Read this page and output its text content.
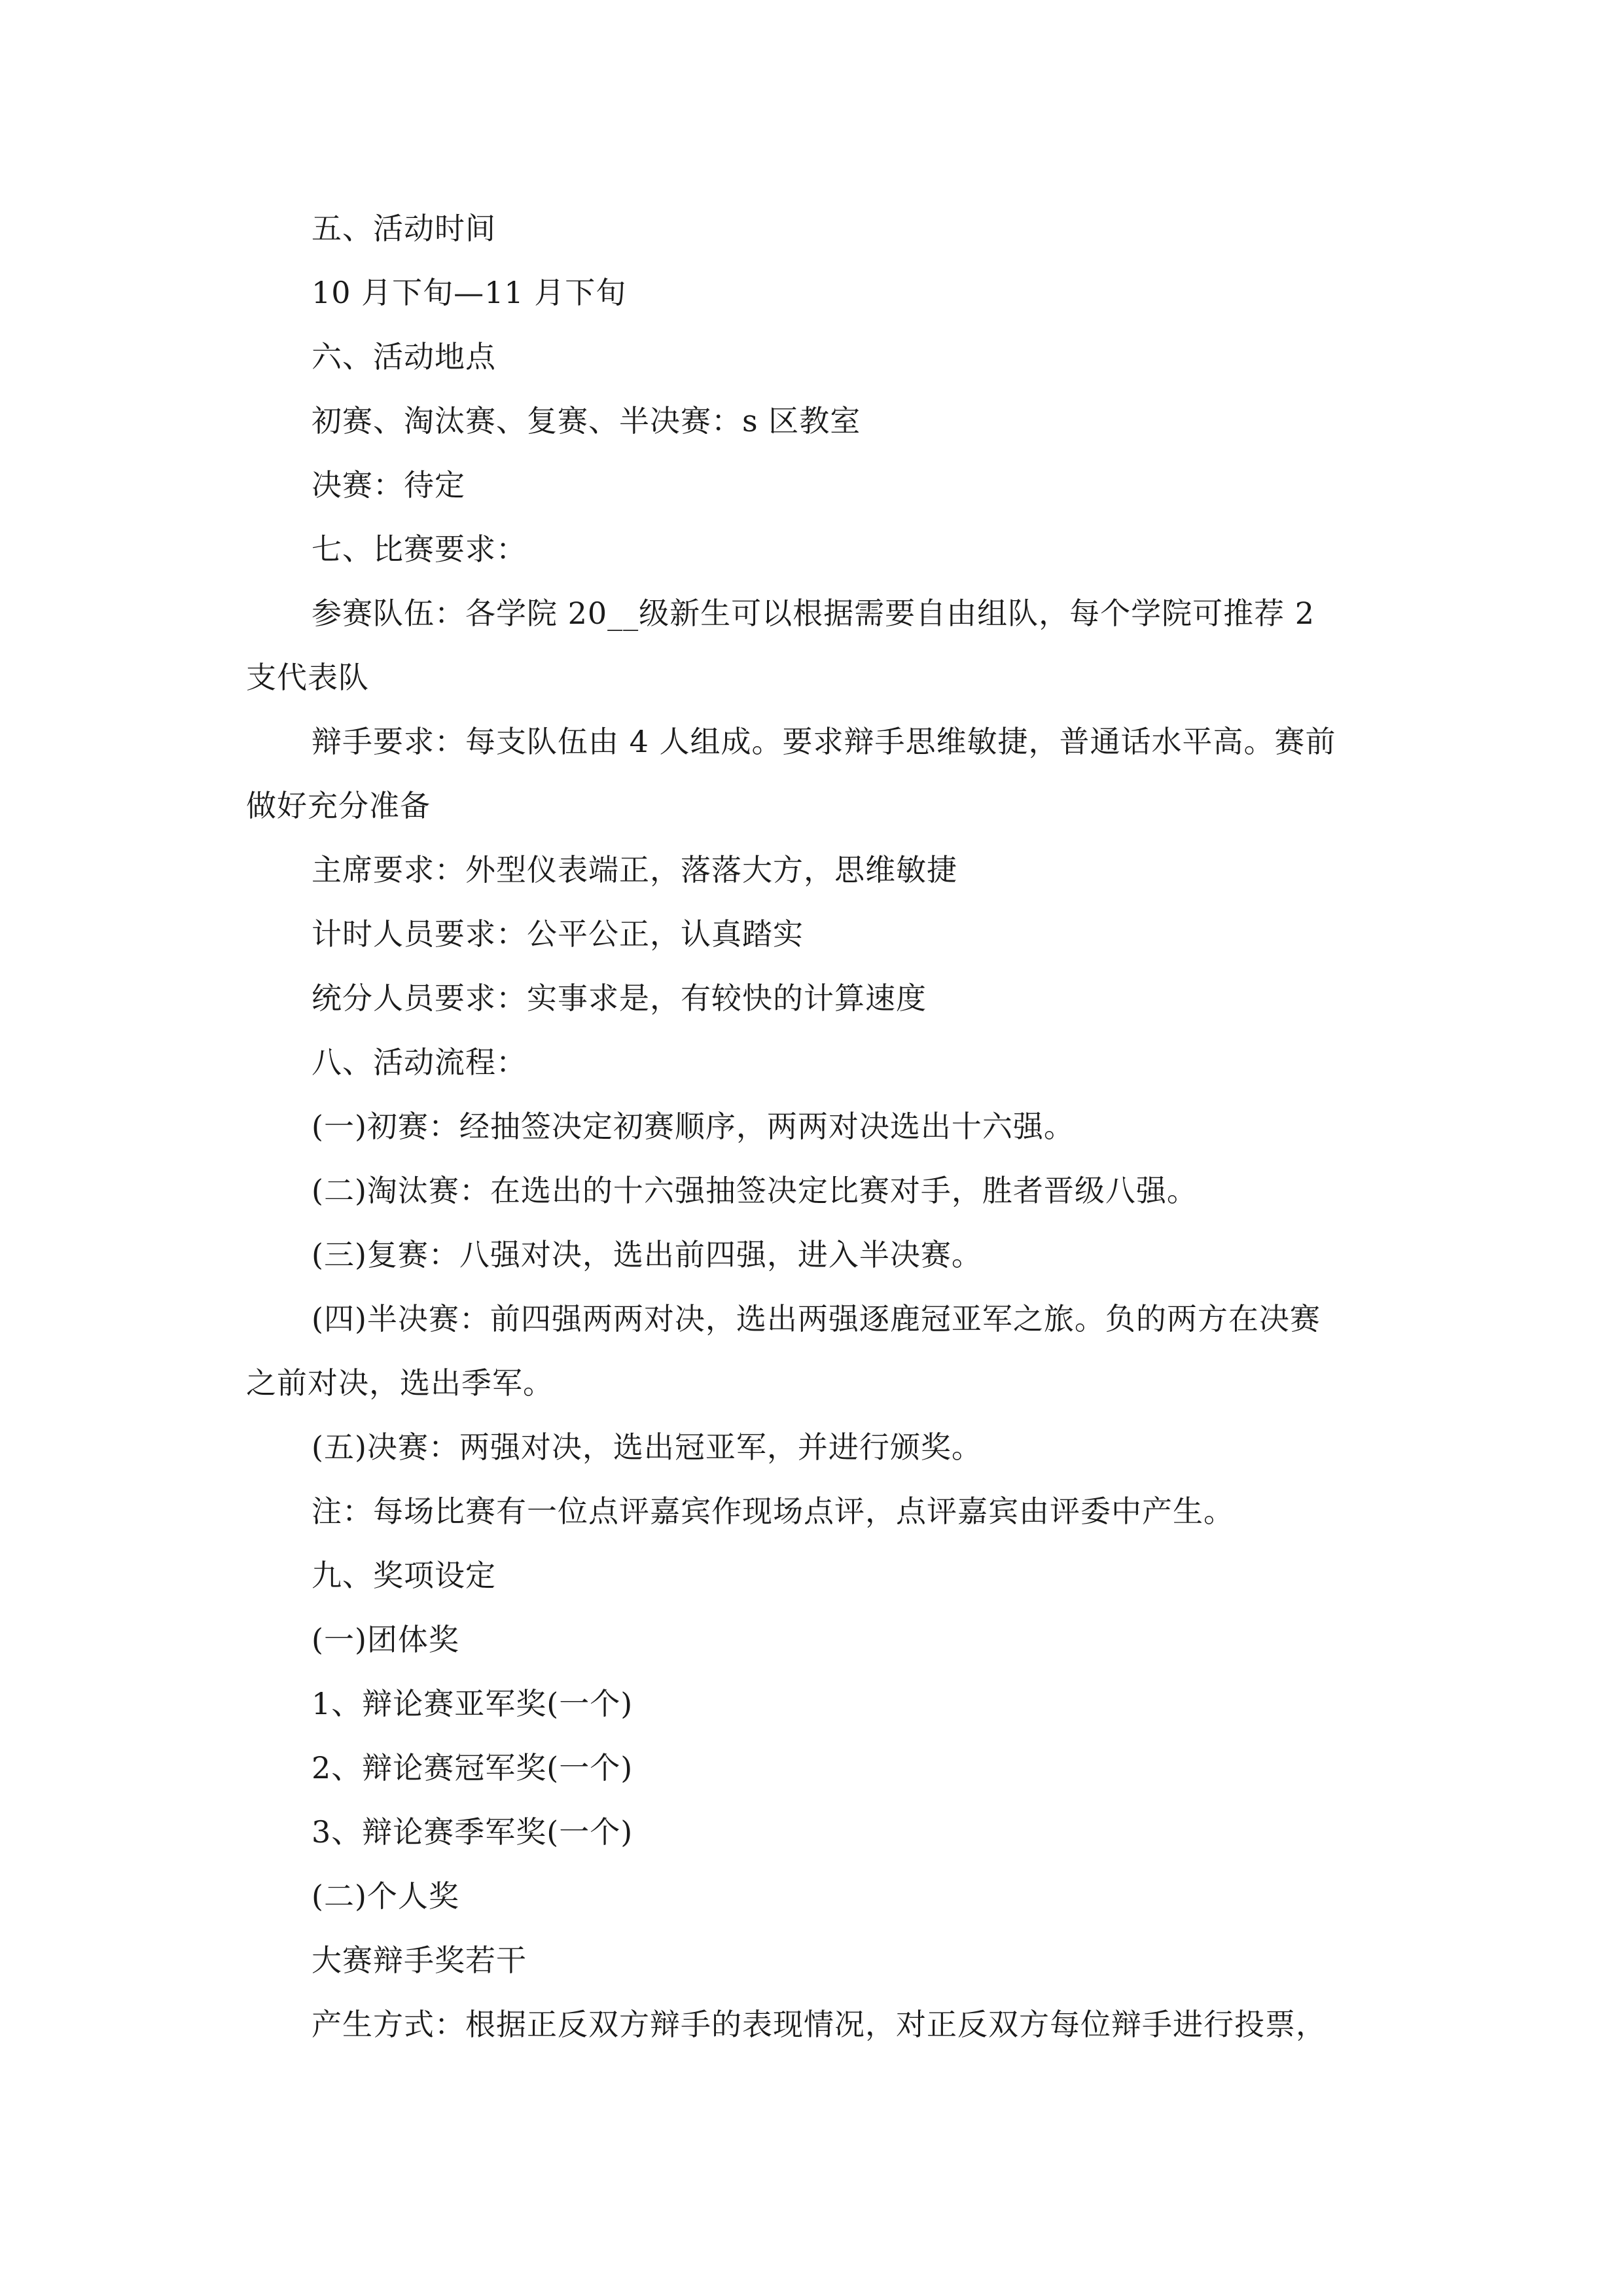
五、活动时间
10 月下旬—11 月下旬
六、活动地点
初赛、淘汰赛、复赛、半决赛：s 区教室
决赛：待定
七、比赛要求：
参赛队伍：各学院 20__级新生可以根据需要自由组队，每个学院可推荐 2
支代表队
辩手要求：每支队伍由 4 人组成。要求辩手思维敏捷，普通话水平高。赛前
做好充分准备
主席要求：外型仪表端正，落落大方，思维敏捷
计时人员要求：公平公正，认真踏实
统分人员要求：实事求是，有较快的计算速度
八、活动流程：
(一)初赛：经抽签决定初赛顺序，两两对决选出十六强。
(二)淘汰赛：在选出的十六强抽签决定比赛对手，胜者晋级八强。
(三)复赛：八强对决，选出前四强，进入半决赛。
(四)半决赛：前四强两两对决，选出两强逐鹿冠亚军之旅。负的两方在决赛
之前对决，选出季军。
(五)决赛：两强对决，选出冠亚军，并进行颁奖。
注：每场比赛有一位点评嘉宾作现场点评，点评嘉宾由评委中产生。
九、奖项设定
(一)团体奖
1、辩论赛亚军奖(一个)
2、辩论赛冠军奖(一个)
3、辩论赛季军奖(一个)
(二)个人奖
大赛辩手奖若干
产生方式：根据正反双方辩手的表现情况，对正反双方每位辩手进行投票，
